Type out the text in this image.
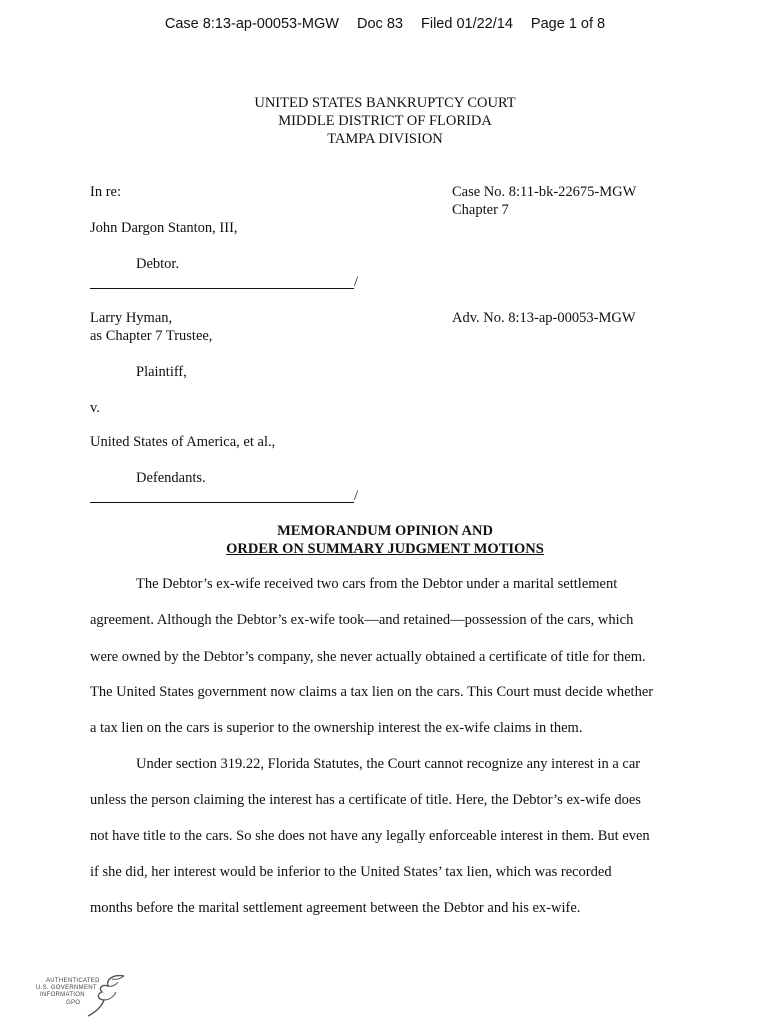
Case 8:13-ap-00053-MGW Doc 83 Filed 01/22/14 Page 1 of 8
UNITED STATES BANKRUPTCY COURT
MIDDLE DISTRICT OF FLORIDA
TAMPA DIVISION
In re:	Case No. 8:11-bk-22675-MGW
Chapter 7
John Dargon Stanton, III,
Debtor.
/
Larry Hyman,	Adv. No. 8:13-ap-00053-MGW
as Chapter 7 Trustee,
Plaintiff,
v.
United States of America, et al.,
Defendants.
/
MEMORANDUM OPINION AND
ORDER ON SUMMARY JUDGMENT MOTIONS
The Debtor’s ex-wife received two cars from the Debtor under a marital settlement
agreement. Although the Debtor’s ex-wife took—and retained—possession of the cars, which
were owned by the Debtor’s company, she never actually obtained a certificate of title for them.
The United States government now claims a tax lien on the cars. This Court must decide whether
a tax lien on the cars is superior to the ownership interest the ex-wife claims in them.
Under section 319.22, Florida Statutes, the Court cannot recognize any interest in a car
unless the person claiming the interest has a certificate of title. Here, the Debtor’s ex-wife does
not have title to the cars. So she does not have any legally enforceable interest in them. But even
if she did, her interest would be inferior to the United States’ tax lien, which was recorded
months before the marital settlement agreement between the Debtor and his ex-wife.
AUTHENTICATED
U.S. GOVERNMENT
INFORMATION
GPO
